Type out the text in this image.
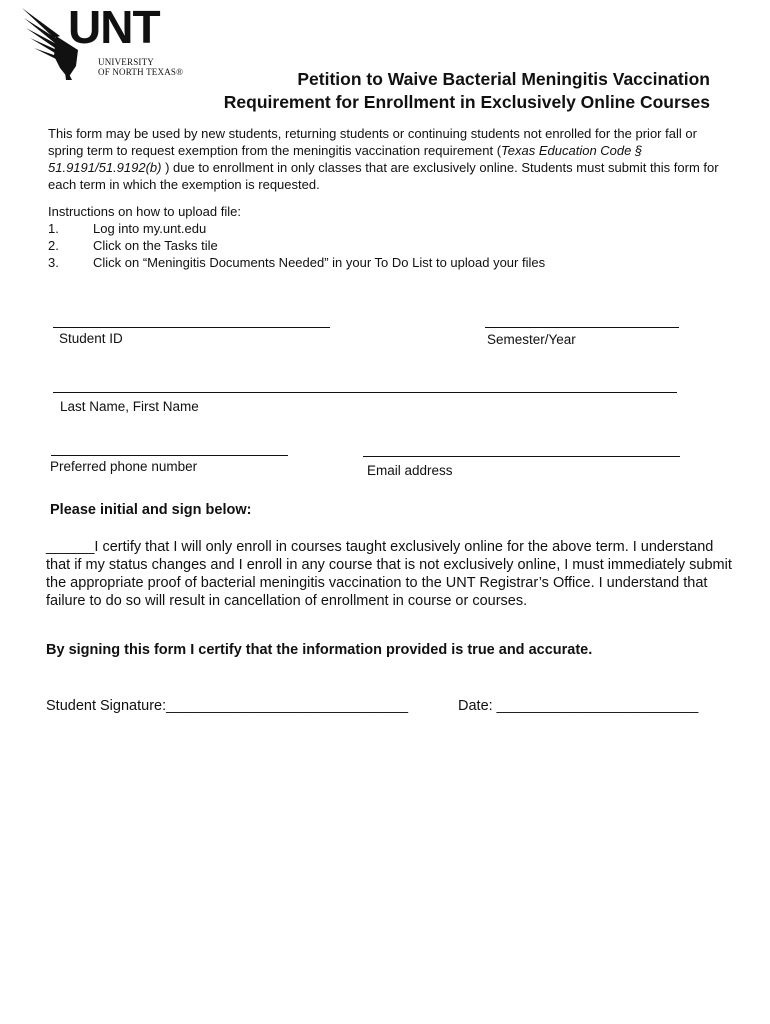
UNT
UNIVERSITY
OF NORTH TEXAS®	Petition to Waive Bacterial Meningitis Vaccination
Requirement for Enrollment in Exclusively Online Courses
This form may be used by new students, returning students or continuing students not enrolled for the prior fall or spring term to request exemption from the meningitis vaccination requirement (Texas Education Code § 51.9191/51.9192(b) ) due to enrollment in only classes that are exclusively online. Students must submit this form for each term in which the exemption is requested.
Instructions on how to upload file:
1.	Log into my.unt.edu
2.	Click on the Tasks tile
3.	Click on “Meningitis Documents Needed” in your To Do List to upload your files
Student ID	Semester/Year
Last Name, First Name
Preferred phone number	Email address
Please initial and sign below:
______I certify that I will only enroll in courses taught exclusively online for the above term. I understand that if my status changes and I enroll in any course that is not exclusively online, I must immediately submit the appropriate proof of bacterial meningitis vaccination to the UNT Registrar’s Office. I understand that failure to do so will result in cancellation of enrollment in course or courses.
By signing this form I certify that the information provided is true and accurate.
Student Signature:______________________________	Date: _________________________
